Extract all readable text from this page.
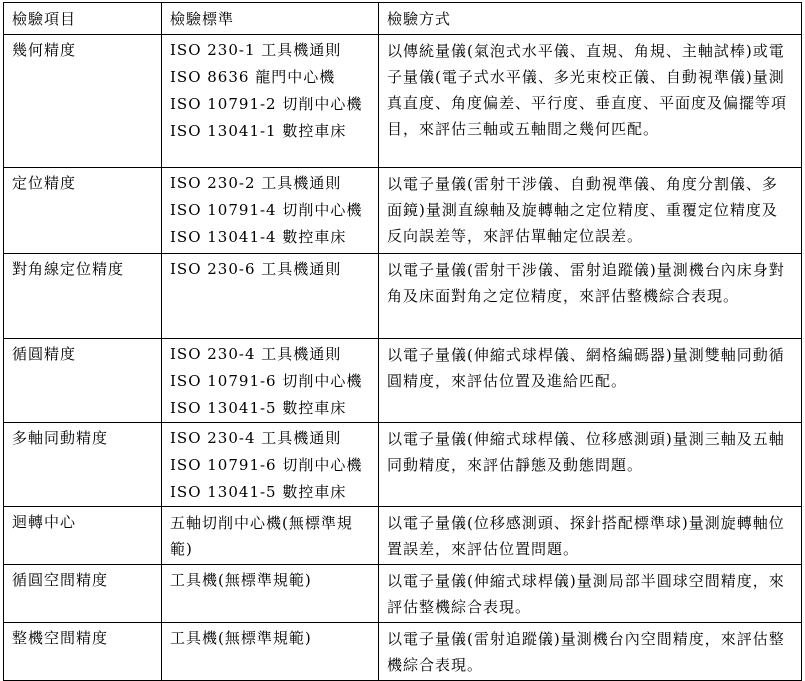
檢驗項目	檢驗標準	檢驗方式
幾何精度	ISO 230-1 工具機通則
ISO 8636 龍門中心機
ISO 10791-2 切削中心機
ISO 13041-1 數控車床	以傳統量儀(氣泡式水平儀、直規、角規、主軸試棒)或電子量儀(電子式水平儀、多光束校正儀、自動視準儀)量測真直度、角度偏差、平行度、垂直度、平面度及偏擺等項目，來評估三軸或五軸間之幾何匹配。

定位精度	ISO 230-2 工具機通則
ISO 10791-4 切削中心機
ISO 13041-4 數控車床	以電子量儀(雷射干涉儀、自動視準儀、角度分割儀、多面鏡)量測直線軸及旋轉軸之定位精度、重覆定位精度及反向誤差等，來評估單軸定位誤差。

對角線定位精度	ISO 230-6 工具機通則	以電子量儀(雷射干涉儀、雷射追蹤儀)量測機台內床身對角及床面對角之定位精度，來評估整機綜合表現。

循圓精度	ISO 230-4 工具機通則
ISO 10791-6 切削中心機
ISO 13041-5 數控車床	以電子量儀(伸縮式球桿儀、網格編碼器)量測雙軸同動循圓精度，來評估位置及進給匹配。

多軸同動精度	ISO 230-4 工具機通則
ISO 10791-6 切削中心機
ISO 13041-5 數控車床	以電子量儀(伸縮式球桿儀、位移感測頭)量測三軸及五軸同動精度，來評估靜態及動態問題。

迴轉中心	五軸切削中心機(無標準規範)	以電子量儀(位移感測頭、探針搭配標準球)量測旋轉軸位置誤差，來評估位置問題。

循圓空間精度	工具機(無標準規範)	以電子量儀(伸縮式球桿儀)量測局部半圓球空間精度，來評估整機綜合表現。

整機空間精度	工具機(無標準規範)	以電子量儀(雷射追蹤儀)量測機台內空間精度，來評估整機綜合表現。
